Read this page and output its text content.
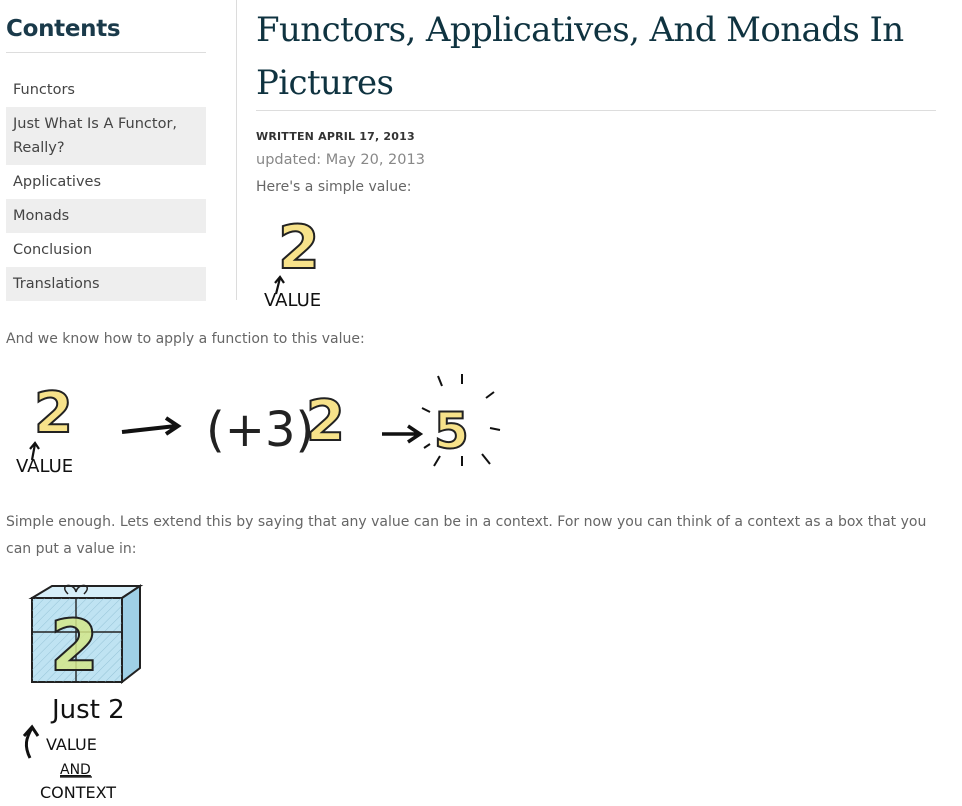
Contents
Functors
Just What Is A Functor, Really?
Applicatives
Monads
Conclusion
Translations
Functors, Applicatives, And Monads In Pictures
WRITTEN APRIL 17, 2013
updated: May 20, 2013

Here's a simple value:

2
VALUE

And we know how to apply a function to this value:

2
VALUE
(+3)
2 5

Simple enough. Lets extend this by saying that any value can be in a context. For now you can think of a context as a box that you can put a value in:

2
Just 2
VALUE
AND
CONTEXT
